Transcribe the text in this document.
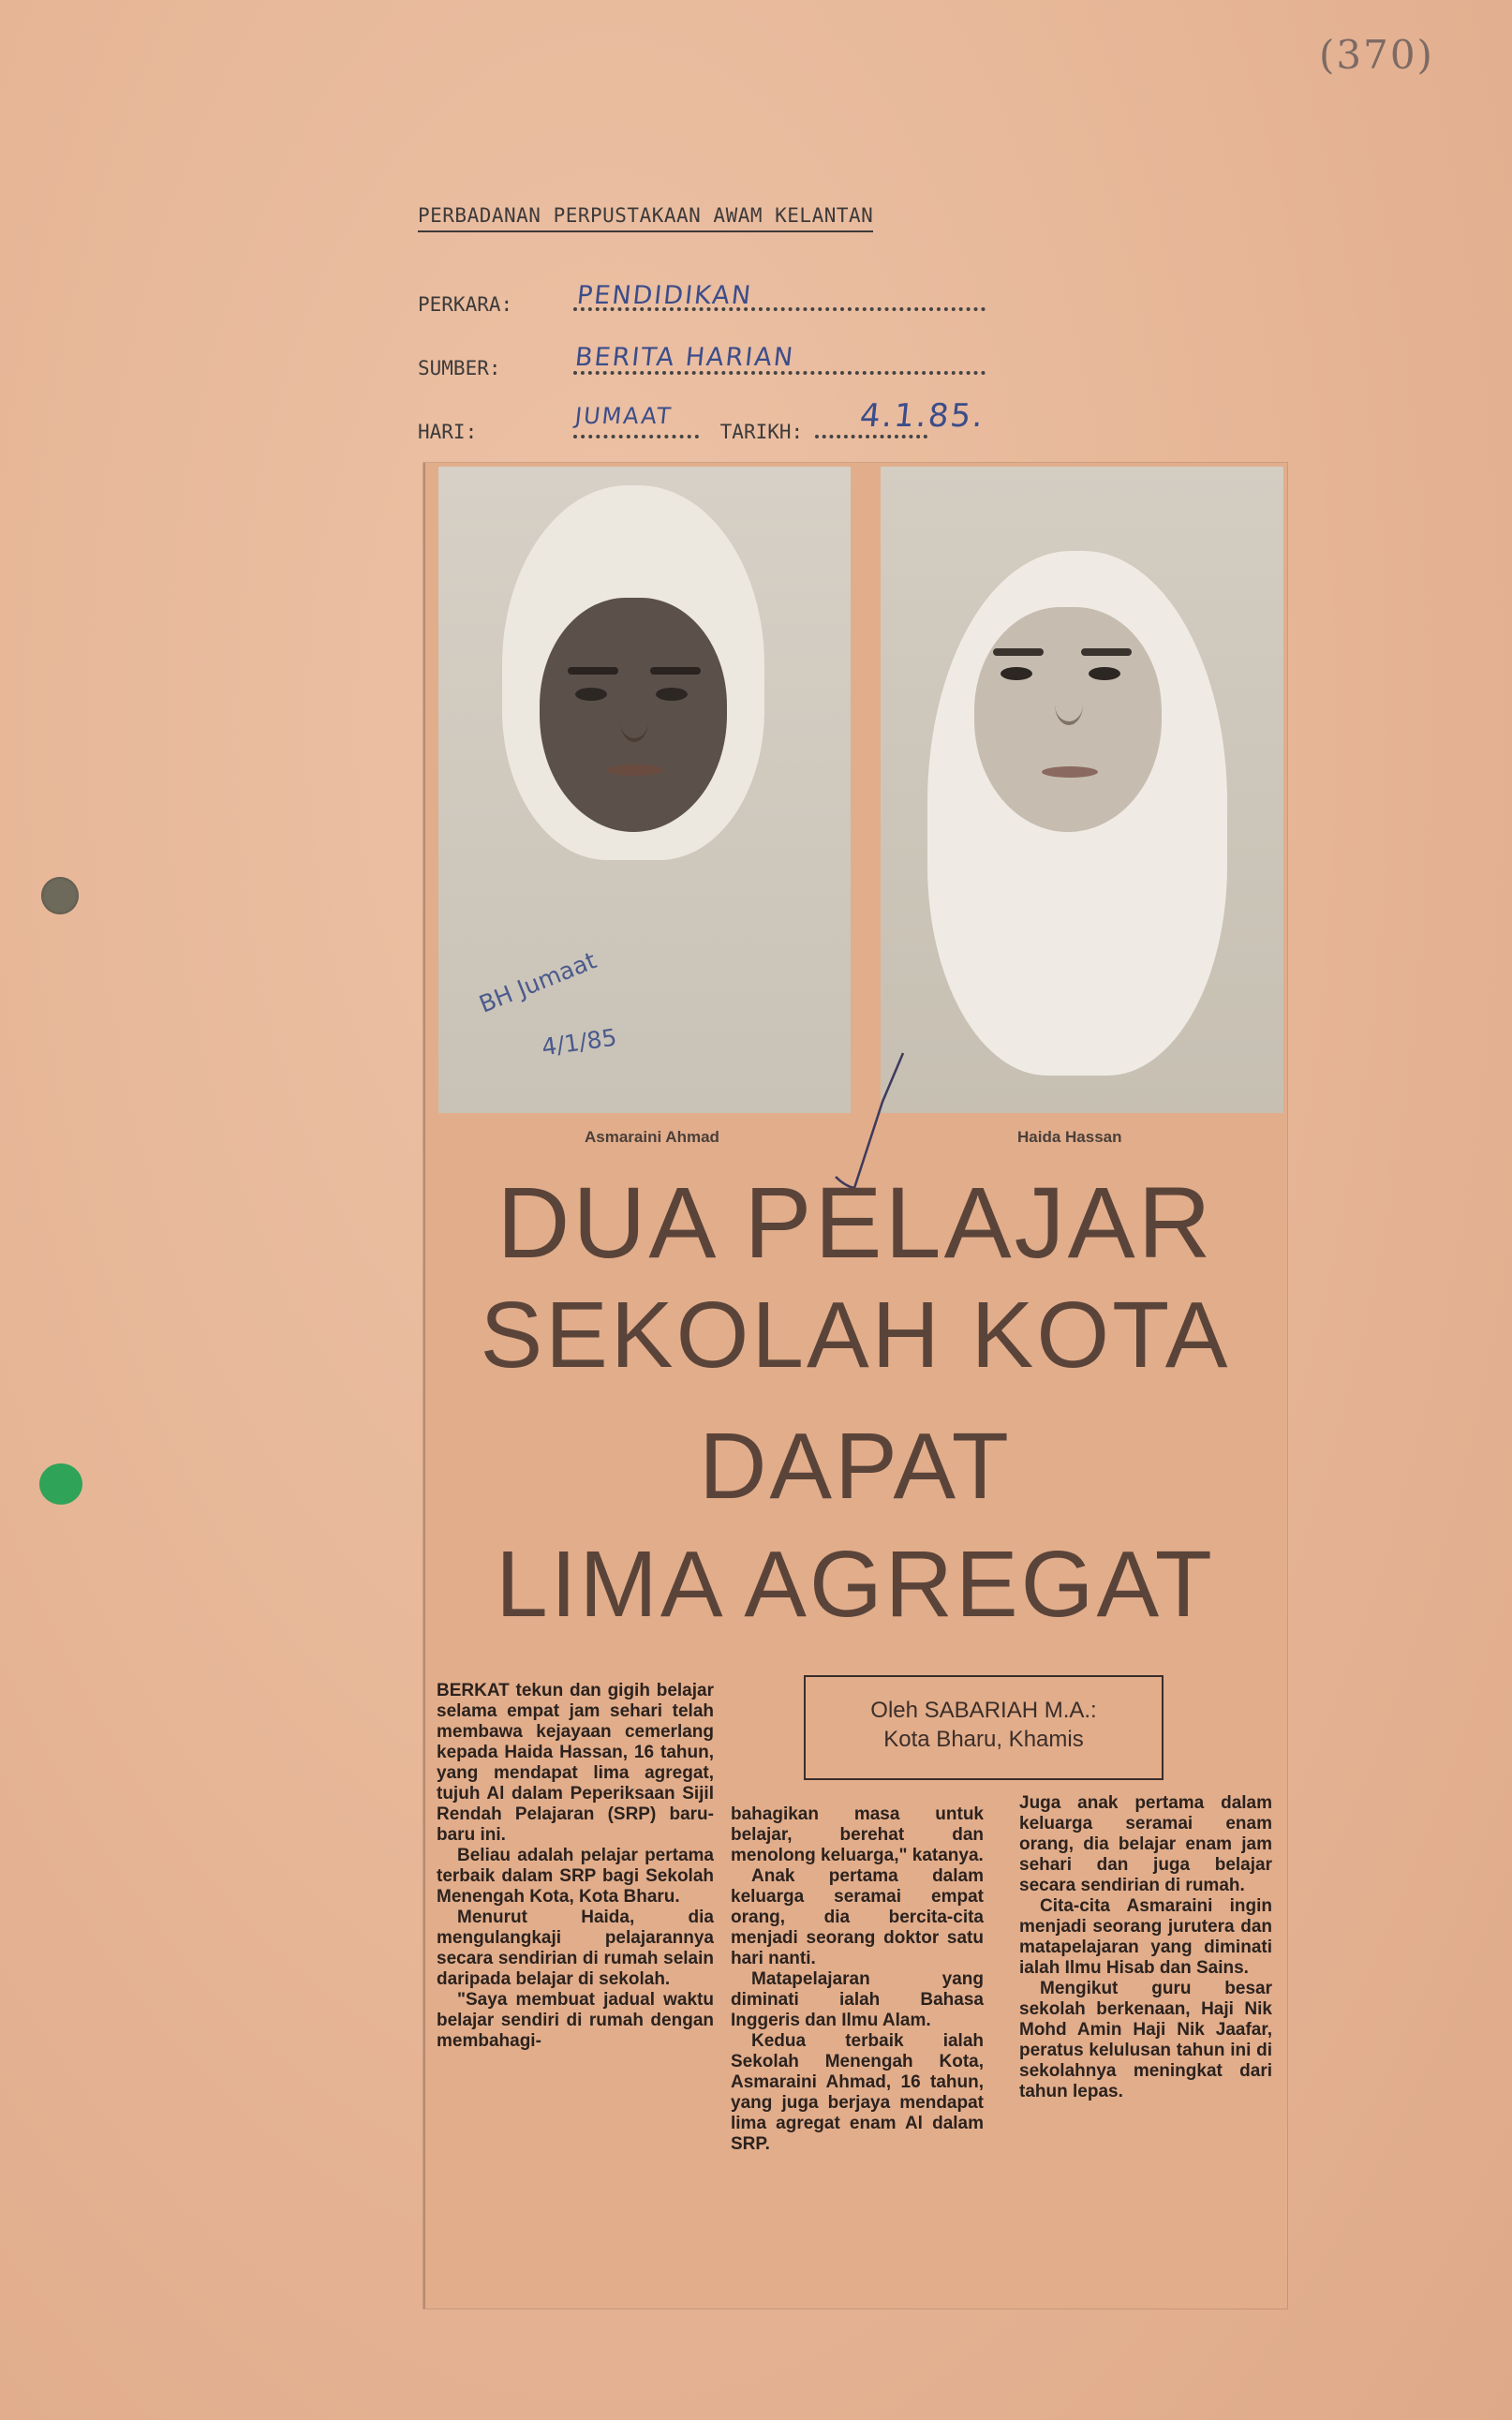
(370)
PERBADANAN PERPUSTAKAAN AWAM KELANTAN
PERKARA:	PENDIDIKAN
SUMBER:	BERITA HARIAN
HARI:	TARIKH:
JUMAAT	4.1.85.
BH Jumaat
4/1/85
Asmaraini Ahmad	Haida Hassan
DUA PELAJAR
SEKOLAH KOTA
DAPAT
LIMA AGREGAT
Oleh SABARIAH M.A.:
Kota Bharu, Khamis

BERKAT tekun dan gigih belajar selama empat jam sehari telah membawa kejayaan cemerlang kepada Haida Hassan, 16 tahun, yang mendapat lima agregat, tujuh Al dalam Peperiksaan Sijil Rendah Pelajaran (SRP) baru-baru ini.

Beliau adalah pelajar pertama terbaik dalam SRP bagi Sekolah Menengah Kota, Kota Bharu.

Menurut Haida, dia mengulangkaji pelajarannya secara sendirian di rumah selain daripada belajar di sekolah.

"Saya membuat jadual waktu belajar sendiri di rumah dengan membahagi-

bahagikan masa untuk belajar, berehat dan menolong keluarga," katanya.

Anak pertama dalam keluarga seramai empat orang, dia bercita-cita menjadi seorang doktor satu hari nanti.

Matapelajaran yang diminati ialah Bahasa Inggeris dan Ilmu Alam.

Kedua terbaik ialah Sekolah Menengah Kota, Asmaraini Ahmad, 16 tahun, yang juga berjaya mendapat lima agregat enam Al dalam SRP.

Juga anak pertama dalam keluarga seramai enam orang, dia belajar enam jam sehari dan juga belajar secara sendirian di rumah.

Cita-cita Asmaraini ingin menjadi seorang jurutera dan matapelajaran yang diminati ialah Ilmu Hisab dan Sains.

Mengikut guru besar sekolah berkenaan, Haji Nik Mohd Amin Haji Nik Jaafar, peratus kelulusan tahun ini di sekolahnya meningkat dari tahun lepas.
